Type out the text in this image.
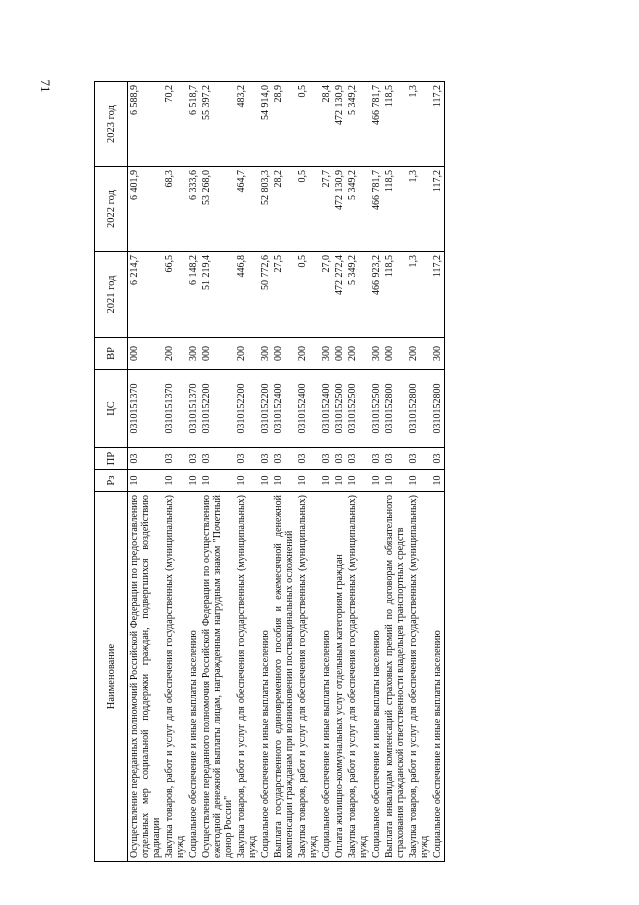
71
Наименование	Рз	ПР	ЦС	ВР	2021 год	2022 год	2023 год
Осуществление переданных полномочий Российской Федерации по предоставлению отдельных мер социальной поддержки граждан, подвергшихся воздействию радиации	10	03	0310151370	000	6 214,7	6 401,9	6 588,9
Закупка товаров, работ и услуг для обеспечения государственных (муниципальных) нужд	10	03	0310151370	200	66,5	68,3	70,2
Социальное обеспечение и иные выплаты населению	10	03	0310151370	300	6 148,2	6 333,6	6 518,7
Осуществление переданного полномочия Российской Федерации по осуществлению ежегодной денежной выплаты лицам, награжденным нагрудным знаком "Почетный донор России"	10	03	0310152200	000	51 219,4	53 268,0	55 397,2
Закупка товаров, работ и услуг для обеспечения государственных (муниципальных) нужд	10	03	0310152200	200	446,8	464,7	483,2
Социальное обеспечение и иные выплаты населению	10	03	0310152200	300	50 772,6	52 803,3	54 914,0
Выплата государственного единовременного пособия и ежемесячной денежной компенсации гражданам при возникновении поствакцинальных осложнений	10	03	0310152400	000	27,5	28,2	28,9
Закупка товаров, работ и услуг для обеспечения государственных (муниципальных) нужд	10	03	0310152400	200	0,5	0,5	0,5
Социальное обеспечение и иные выплаты населению	10	03	0310152400	300	27,0	27,7	28,4
Оплата жилищно-коммунальных услуг отдельным категориям граждан	10	03	0310152500	000	472 272,4	472 130,9	472 130,9
Закупка товаров, работ и услуг для обеспечения государственных (муниципальных) нужд	10	03	0310152500	200	5 349,2	5 349,2	5 349,2
Социальное обеспечение и иные выплаты населению	10	03	0310152500	300	466 923,2	466 781,7	466 781,7
Выплата инвалидам компенсаций страховых премий по договорам обязательного страхования гражданской ответственности владельцев транспортных средств	10	03	0310152800	000	118,5	118,5	118,5
Закупка товаров, работ и услуг для обеспечения государственных (муниципальных) нужд	10	03	0310152800	200	1,3	1,3	1,3
Социальное обеспечение и иные выплаты населению	10	03	0310152800	300	117,2	117,2	117,2
